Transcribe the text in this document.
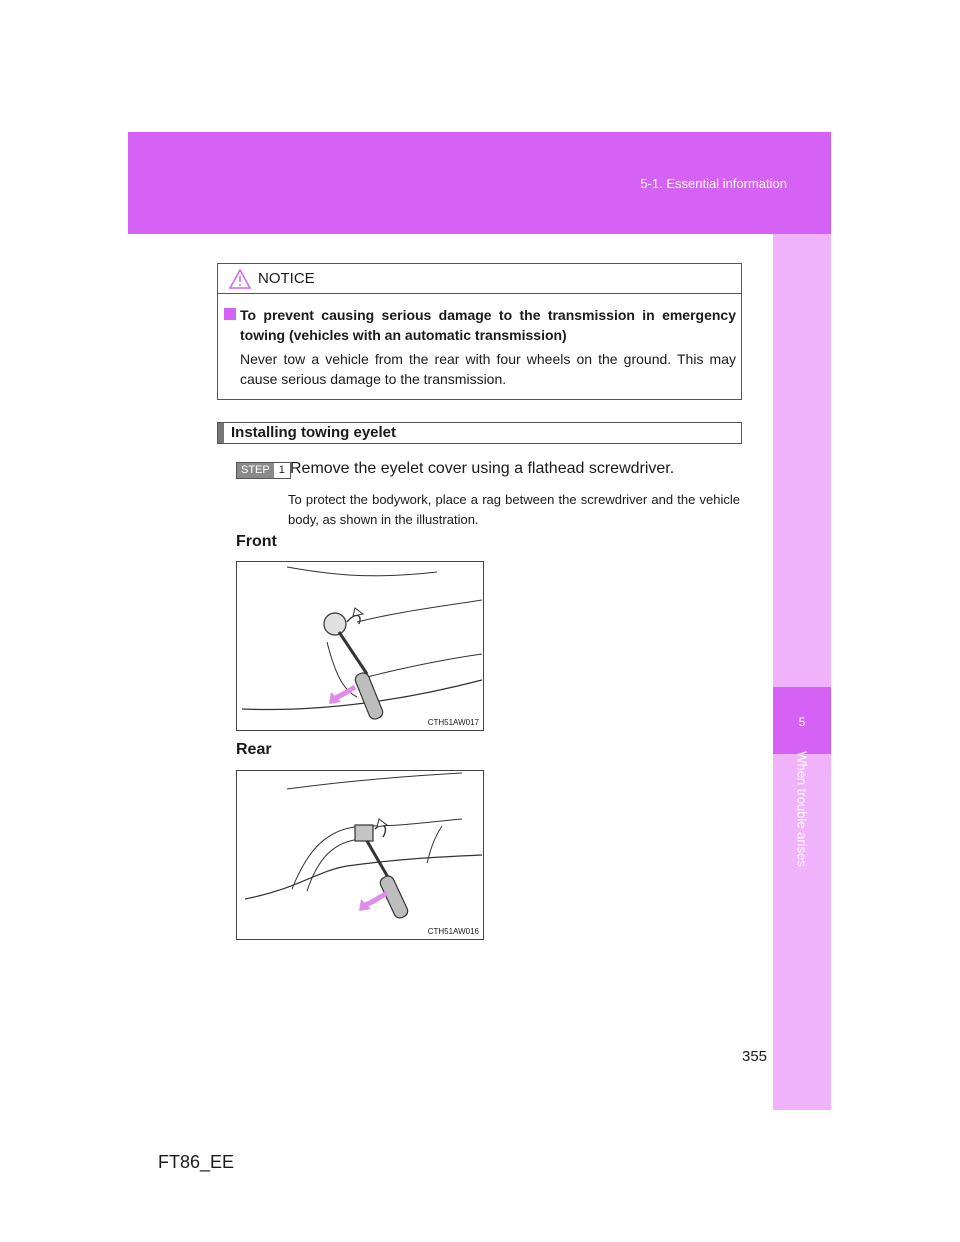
5-1. Essential information
5
When trouble arises
NOTICE
To prevent causing serious damage to the transmission in emergency towing (vehicles with an automatic transmission)
Never tow a vehicle from the rear with four wheels on the ground. This may cause serious damage to the transmission.
Installing towing eyelet
STEP 1 Remove the eyelet cover using a flathead screwdriver.
To protect the bodywork, place a rag between the screwdriver and the vehicle body, as shown in the illustration.
Front
CTH51AW017
Rear
CTH51AW016
355
FT86_EE
